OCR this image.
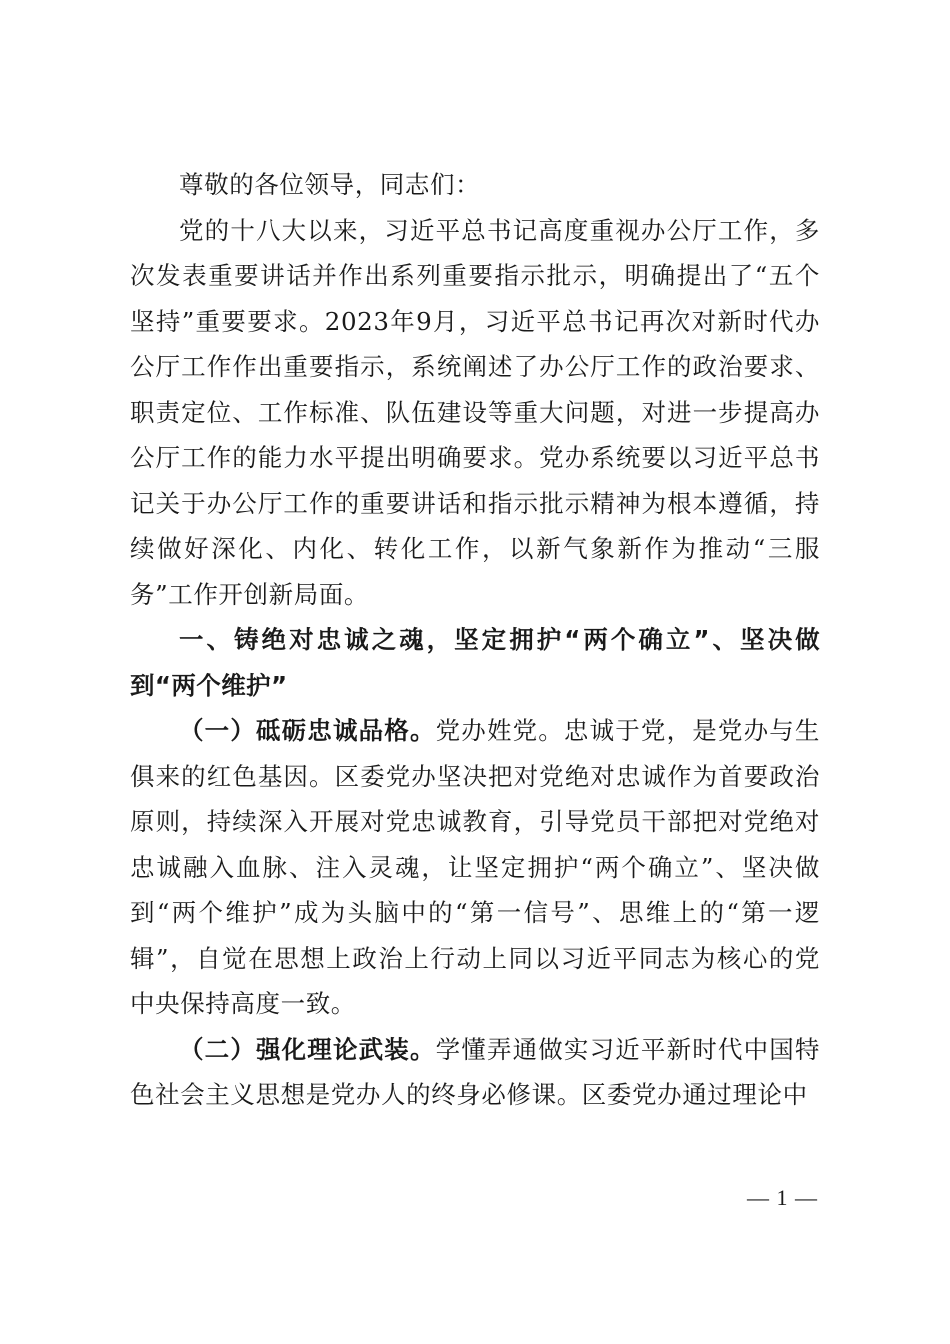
尊敬的各位领导，同志们：

党的十八大以来，习近平总书记高度重视办公厅工作，多次发表重要讲话并作出系列重要指示批示，明确提出了“五个坚持”重要要求。2023年9月，习近平总书记再次对新时代办公厅工作作出重要指示，系统阐述了办公厅工作的政治要求、职责定位、工作标准、队伍建设等重大问题，对进一步提高办公厅工作的能力水平提出明确要求。党办系统要以习近平总书记关于办公厅工作的重要讲话和指示批示精神为根本遵循，持续做好深化、内化、转化工作，以新气象新作为推动“三服务”工作开创新局面。

一、铸绝对忠诚之魂，坚定拥护“两个确立”、坚决做到“两个维护”

（一）砥砺忠诚品格。党办姓党。忠诚于党，是党办与生俱来的红色基因。区委党办坚决把对党绝对忠诚作为首要政治原则，持续深入开展对党忠诚教育，引导党员干部把对党绝对忠诚融入血脉、注入灵魂，让坚定拥护“两个确立”、坚决做到“两个维护”成为头脑中的“第一信号”、思维上的“第一逻辑”，自觉在思想上政治上行动上同以习近平同志为核心的党中央保持高度一致。

（二）强化理论武装。学懂弄通做实习近平新时代中国特色社会主义思想是党办人的终身必修课。区委党办通过理论中

— 1 —
